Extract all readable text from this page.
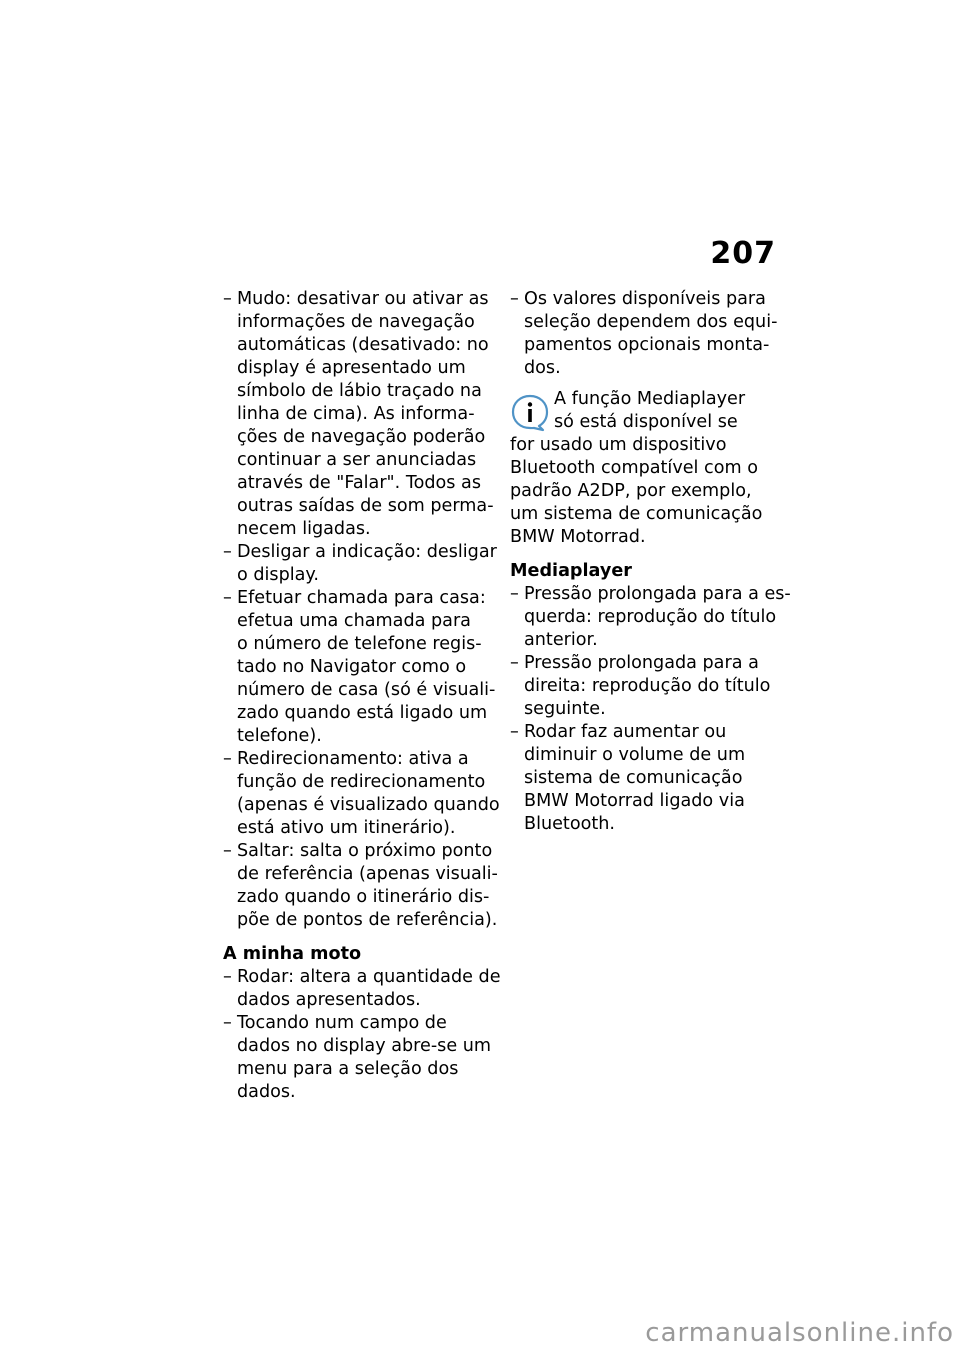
207
– Mudo: desativar ou ativar as
informações de navegação
automáticas (desativado: no
display é apresentado um
símbolo de lábio traçado na
linha de cima). As informa-
ções de navegação poderão
continuar a ser anunciadas
através de "Falar". Todos as
outras saídas de som perma-
necem ligadas.
– Desligar a indicação: desligar
o display.
– Efetuar chamada para casa:
efetua uma chamada para
o número de telefone regis-
tado no Navigator como o
número de casa (só é visuali-
zado quando está ligado um
telefone).
– Redirecionamento: ativa a
função de redirecionamento
(apenas é visualizado quando
está ativo um itinerário).
– Saltar: salta o próximo ponto
de referência (apenas visuali-
zado quando o itinerário dis-
põe de pontos de referência).
A minha moto
– Rodar: altera a quantidade de
dados apresentados.
– Tocando num campo de
dados no display abre-se um
menu para a seleção dos
dados.
– Os valores disponíveis para
seleção dependem dos equi-
pamentos opcionais monta-
dos.
A função Mediaplayer
só está disponível se
for usado um dispositivo
Bluetooth compatível com o
padrão A2DP, por exemplo,
um sistema de comunicação
BMW Motorrad.
Mediaplayer
– Pressão prolongada para a es-
querda: reprodução do título
anterior.
– Pressão prolongada para a
direita: reprodução do título
seguinte.
– Rodar faz aumentar ou
diminuir o volume de um
sistema de comunicação
BMW Motorrad ligado via
Bluetooth.
carmanualsonline.info
